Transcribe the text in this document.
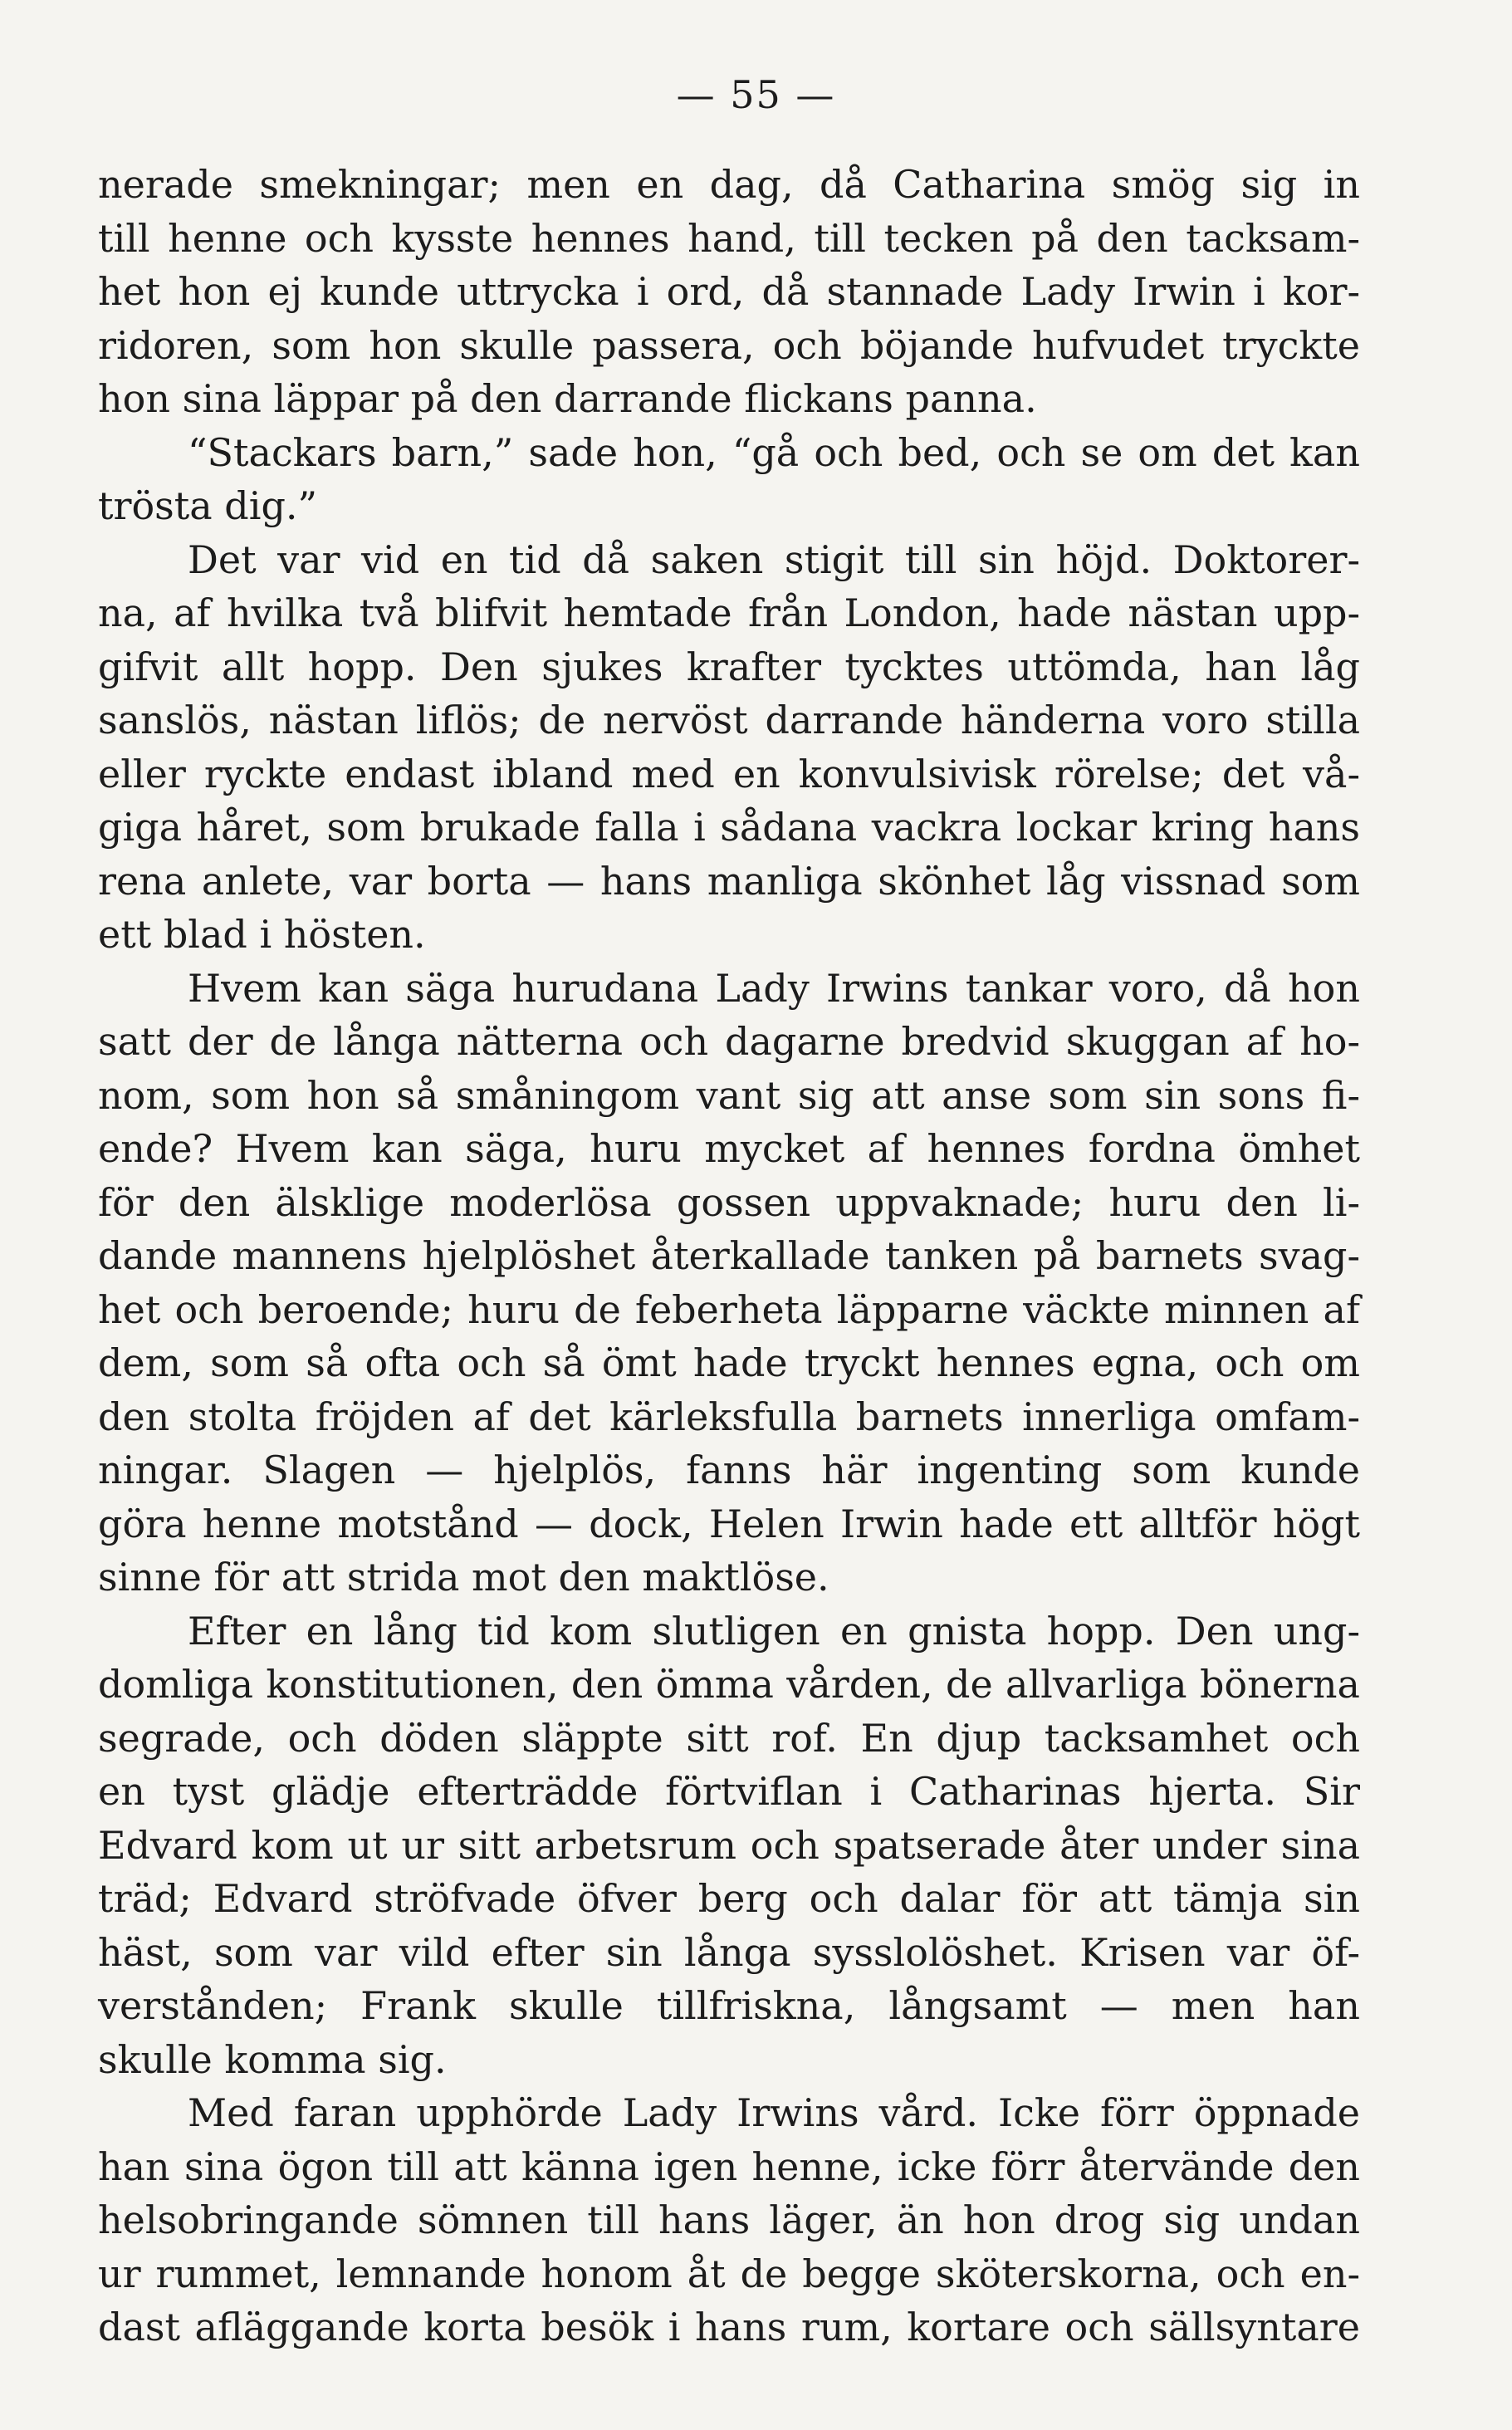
— 55 —
nerade smekningar; men en dag, då Catharina smög sig in
till henne och kysste hennes hand, till tecken på den tacksam-
het hon ej kunde uttrycka i ord, då stannade Lady Irwin i kor-
ridoren, som hon skulle passera, och böjande hufvudet tryckte
hon sina läppar på den darrande flickans panna.
“Stackars barn,” sade hon, “gå och bed, och se om det kan
trösta dig.”
Det var vid en tid då saken stigit till sin höjd. Doktorer-
na, af hvilka två blifvit hemtade från London, hade nästan upp-
gifvit allt hopp. Den sjukes krafter tycktes uttömda, han låg
sanslös, nästan liflös; de nervöst darrande händerna voro stilla
eller ryckte endast ibland med en konvulsivisk rörelse; det vå-
giga håret, som brukade falla i sådana vackra lockar kring hans
rena anlete, var borta — hans manliga skönhet låg vissnad som
ett blad i hösten.
Hvem kan säga hurudana Lady Irwins tankar voro, då hon
satt der de långa nätterna och dagarne bredvid skuggan af ho-
nom, som hon så småningom vant sig att anse som sin sons fi-
ende? Hvem kan säga, huru mycket af hennes fordna ömhet
för den älsklige moderlösa gossen uppvaknade; huru den li-
dande mannens hjelplöshet återkallade tanken på barnets svag-
het och beroende; huru de feberheta läpparne väckte minnen af
dem, som så ofta och så ömt hade tryckt hennes egna, och om
den stolta fröjden af det kärleksfulla barnets innerliga omfam-
ningar. Slagen — hjelplös, fanns här ingenting som kunde
göra henne motstånd — dock, Helen Irwin hade ett alltför högt
sinne för att strida mot den maktlöse.
Efter en lång tid kom slutligen en gnista hopp. Den ung-
domliga konstitutionen, den ömma vården, de allvarliga bönerna
segrade, och döden släppte sitt rof. En djup tacksamhet och
en tyst glädje efterträdde förtviflan i Catharinas hjerta. Sir
Edvard kom ut ur sitt arbetsrum och spatserade åter under sina
träd; Edvard ströfvade öfver berg och dalar för att tämja sin
häst, som var vild efter sin långa sysslolöshet. Krisen var öf-
verstånden; Frank skulle tillfriskna, långsamt — men han
skulle komma sig.
Med faran upphörde Lady Irwins vård. Icke förr öppnade
han sina ögon till att känna igen henne, icke förr återvände den
helsobringande sömnen till hans läger, än hon drog sig undan
ur rummet, lemnande honom åt de begge sköterskorna, och en-
dast afläggande korta besök i hans rum, kortare och sällsyntare
